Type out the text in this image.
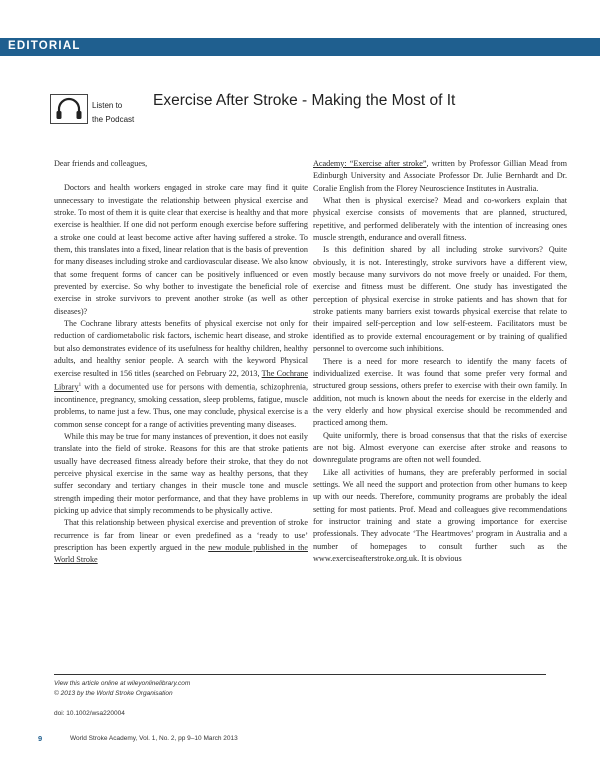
EDITORIAL
Listen to
the Podcast
Exercise After Stroke - Making the Most of It

Dear friends and colleagues,

Doctors and health workers engaged in stroke care may find it quite unnecessary to investigate the relationship between physical exercise and stroke. To most of them it is quite clear that exercise is healthy and that more exercise is healthier. If one did not perform enough exercise before suffering a stroke one could at least become active after having suffered a stroke. To them, this translates into a fixed, linear relation that is the basis of prevention for many diseases including stroke and cardiovascular disease. We also know that some frequent forms of cancer can be positively influenced or even prevented by exercise. So why bother to investigate the beneficial role of exercise in stroke survivors to prevent another stroke (as well as other diseases)?

The Cochrane library attests benefits of physical exercise not only for reduction of cardiometabolic risk factors, ischemic heart disease, and stroke but also demonstrates evidence of its usefulness for healthy children, healthy adults, and healthy senior people. A search with the keyword Physical exercise resulted in 156 titles (searched on February 22, 2013, The Cochrane Library$^1$ with a documented use for persons with dementia, schizophrenia, incontinence, pregnancy, smoking cessation, sleep problems, fatigue, muscle problems, to name just a few. Thus, one may conclude, physical exercise is a common sense concept for a range of activities preventing many diseases.

While this may be true for many instances of prevention, it does not easily translate into the field of stroke. Reasons for this are that stroke patients usually have decreased fitness already before their stroke, that they do not perceive physical exercise in the same way as healthy persons, that they suffer secondary and tertiary changes in their muscle tone and muscle strength impeding their motor performance, and that they have problems in picking up advice that simply recommends to be physically active.

That this relationship between physical exercise and prevention of stroke recurrence is far from linear or even predefined as a ‘ready to use’ prescription has been expertly argued in the new module published in the World Stroke

Academy: “Exercise after stroke”, written by Professor Gillian Mead from Edinburgh University and Associate Professor Dr. Julie Bernhardt and Dr. Coralie English from the Florey Neuroscience Institutes in Australia.

What then is physical exercise? Mead and co-workers explain that physical exercise consists of movements that are planned, structured, repetitive, and performed deliberately with the intention of increasing ones muscle strength, endurance and overall fitness.

Is this definition shared by all including stroke survivors? Quite obviously, it is not. Interestingly, stroke survivors have a different view, mostly because many survivors do not move freely or unaided. For them, exercise and fitness must be different. One study has investigated the perception of physical exercise in stroke patients and has shown that for stroke patients many barriers exist towards physical exercise that relate to their impaired self-perception and low self-esteem. Facilitators must be identified as to provide external encouragement or by training of qualified personnel to overcome such inhibitions.

There is a need for more research to identify the many facets of individualized exercise. It was found that some prefer very formal and structured group sessions, others prefer to exercise with their own family. In addition, not much is known about the needs for exercise in the elderly and the very elderly and how physical exercise should be recommended and practiced among them.

Quite uniformly, there is broad consensus that that the risks of exercise are not big. Almost everyone can exercise after stroke and reasons to downregulate programs are often not well founded.

Like all activities of humans, they are preferably performed in social settings. We all need the support and protection from other humans to keep up with our needs. Therefore, community programs are probably the ideal setting for most patients. Prof. Mead and colleagues give recommendations for instructor training and state a growing importance for exercise professionals. They advocate ‘The Heartmoves’ program in Australia and a number of homepages to consult further such as the www.exerciseafterstroke.org.uk. It is obvious

View this article online at wileyonlinelibrary.com
© 2013 by the World Stroke Organisation
doi: 10.1002/wsa220004
9	World Stroke Academy, Vol. 1, No. 2, pp 9–10 March 2013
